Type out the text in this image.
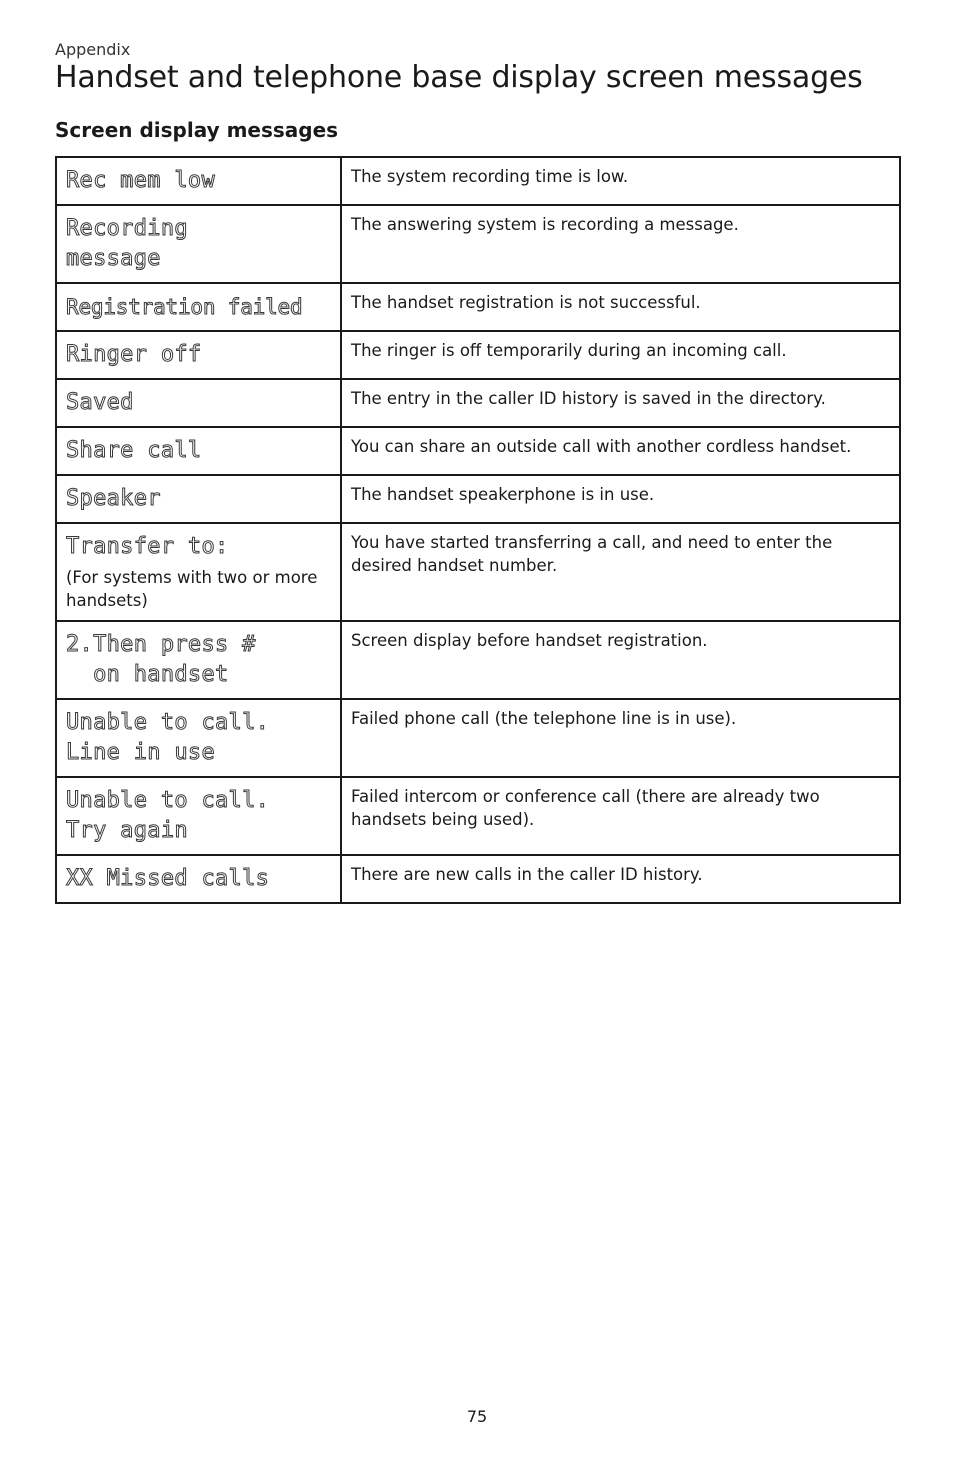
Appendix
Handset and telephone base display screen messages
Screen display messages
Rec mem low	The system recording time is low.

Recording
message	The answering system is recording a message.

Registration failed	The handset registration is not successful.

Ringer off	The ringer is off temporarily during an incoming call.

Saved	The entry in the caller ID history is saved in the directory.

Share call	You can share an outside call with another cordless handset.

Speaker	The handset speakerphone is in use.

Transfer to:
(For systems with two or more handsets)	You have started transferring a call, and need to enter the desired handset number.

2.Then press #
on handset	Screen display before handset registration.

Unable to call.
Line in use	Failed phone call (the telephone line is in use).

Unable to call.
Try again	Failed intercom or conference call (there are already two handsets being used).

XX Missed calls	There are new calls in the caller ID history.
75
